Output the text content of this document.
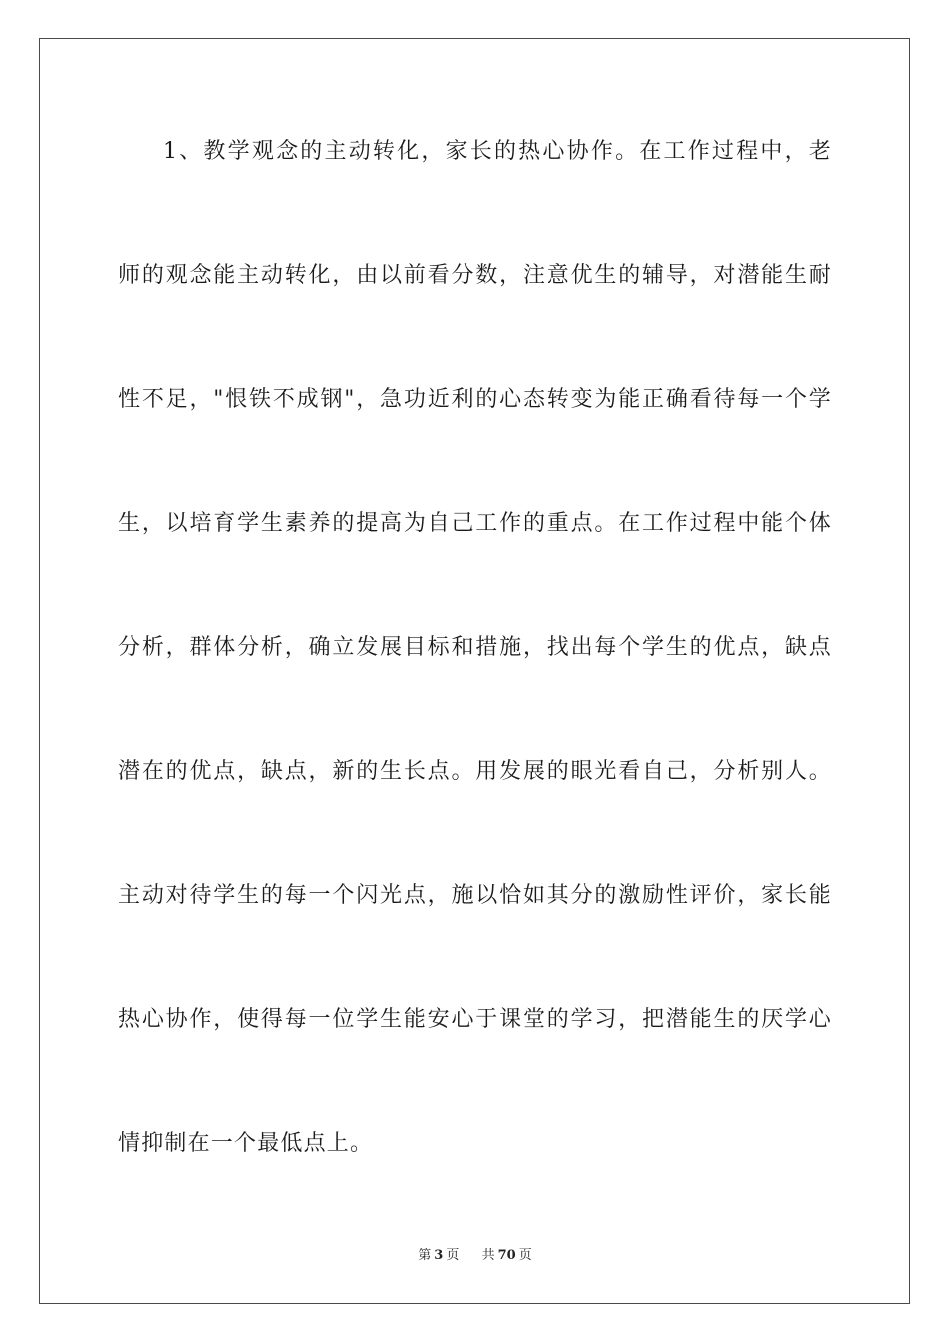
1、教学观念的主动转化，家长的热心协作。在工作过程中，老
师的观念能主动转化，由以前看分数，注意优生的辅导，对潜能生耐
性不足，"恨铁不成钢"，急功近利的心态转变为能正确看待每一个学
生，以培育学生素养的提高为自己工作的重点。在工作过程中能个体
分析，群体分析，确立发展目标和措施，找出每个学生的优点，缺点
潜在的优点，缺点，新的生长点。用发展的眼光看自己，分析别人。
主动对待学生的每一个闪光点，施以恰如其分的激励性评价，家长能
热心协作，使得每一位学生能安心于课堂的学习，把潜能生的厌学心
情抑制在一个最低点上。
第 3 页 共 70 页
